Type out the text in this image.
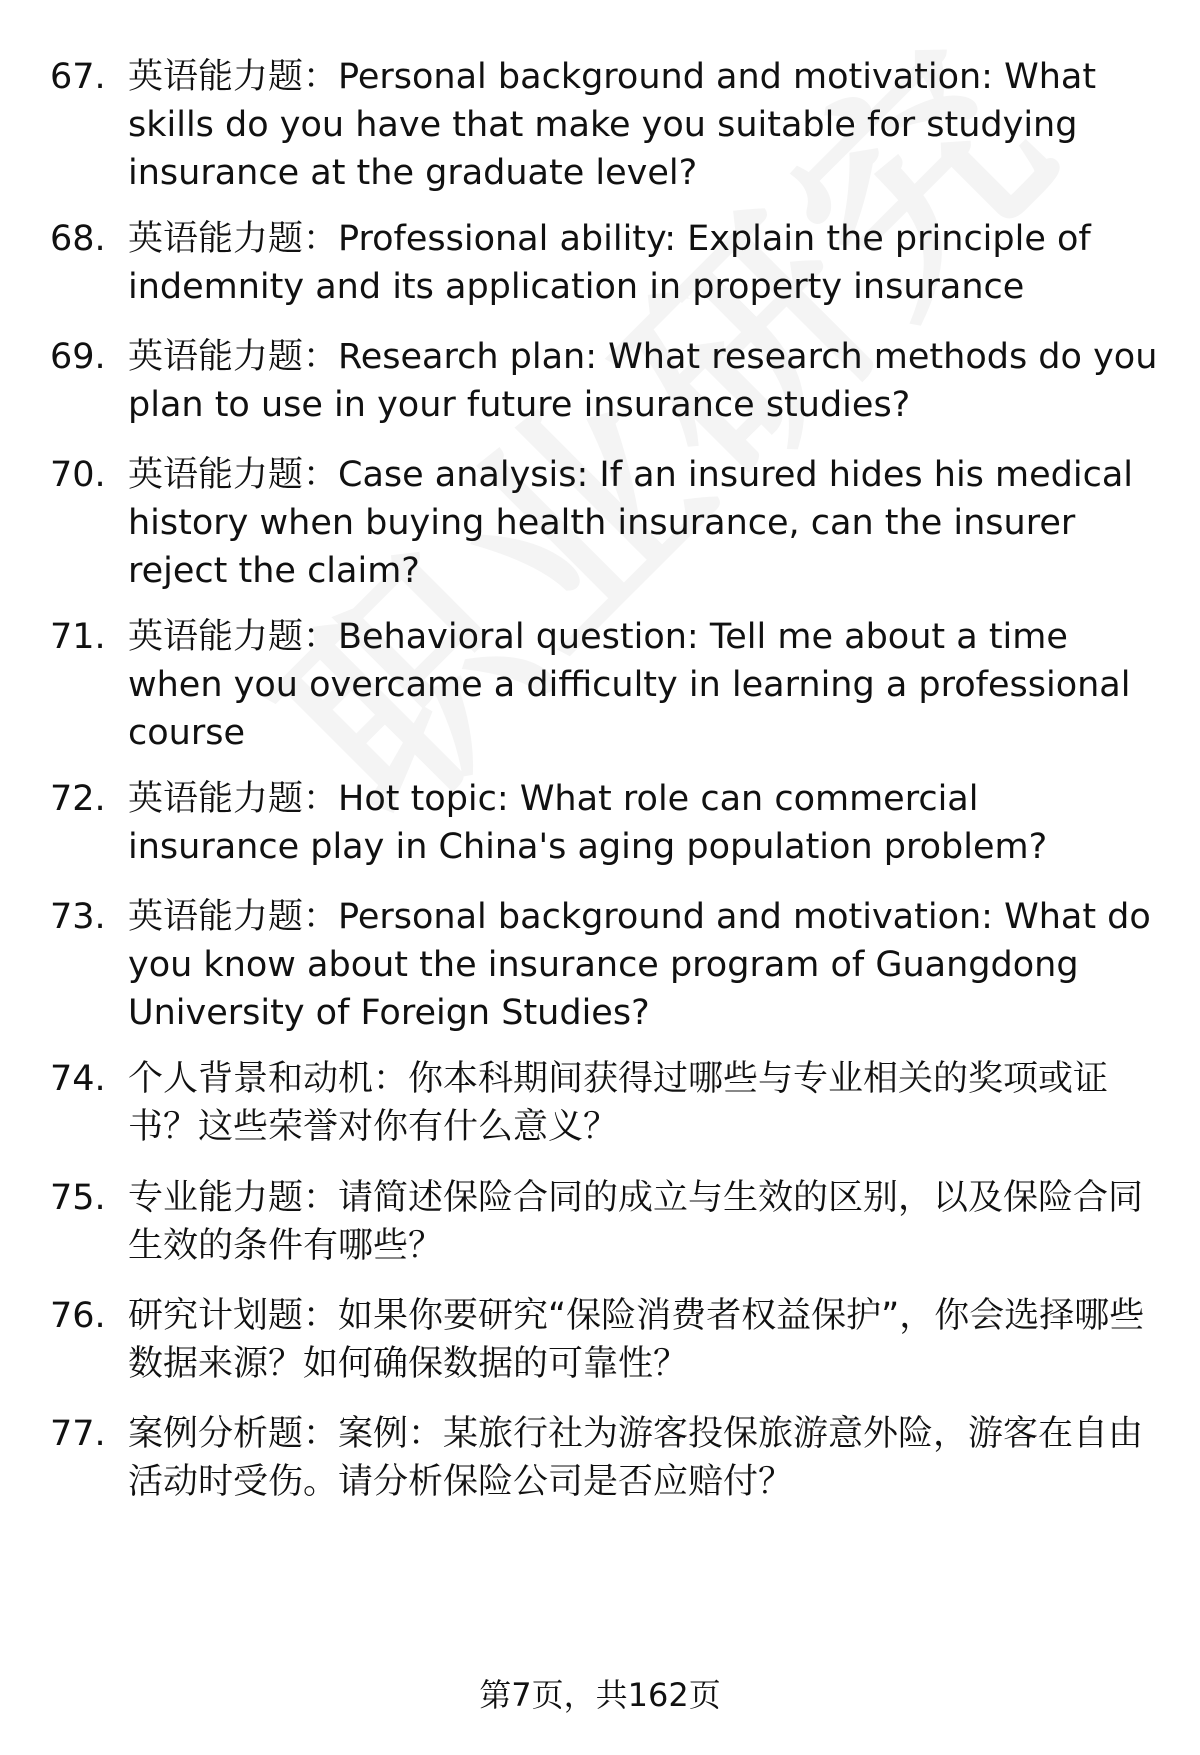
67. 英语能力题：Personal background and motivation: What skills do you have that make you suitable for studying insurance at the graduate level?
68. 英语能力题：Professional ability: Explain the principle of indemnity and its application in property insurance
69. 英语能力题：Research plan: What research methods do you plan to use in your future insurance studies?
70. 英语能力题：Case analysis: If an insured hides his medical history when buying health insurance, can the insurer reject the claim?
71. 英语能力题：Behavioral question: Tell me about a time when you overcame a difficulty in learning a professional course
72. 英语能力题：Hot topic: What role can commercial insurance play in China's aging population problem?
73. 英语能力题：Personal background and motivation: What do you know about the insurance program of Guangdong University of Foreign Studies?
74. 个人背景和动机：你本科期间获得过哪些与专业相关的奖项或证书？这些荣誉对你有什么意义？
75. 专业能力题：请简述保险合同的成立与生效的区别，以及保险合同生效的条件有哪些？
76. 研究计划题：如果你要研究“保险消费者权益保护”，你会选择哪些数据来源？如何确保数据的可靠性？
77. 案例分析题：案例：某旅行社为游客投保旅游意外险，游客在自由活动时受伤。请分析保险公司是否应赔付？
第7页，共162页
